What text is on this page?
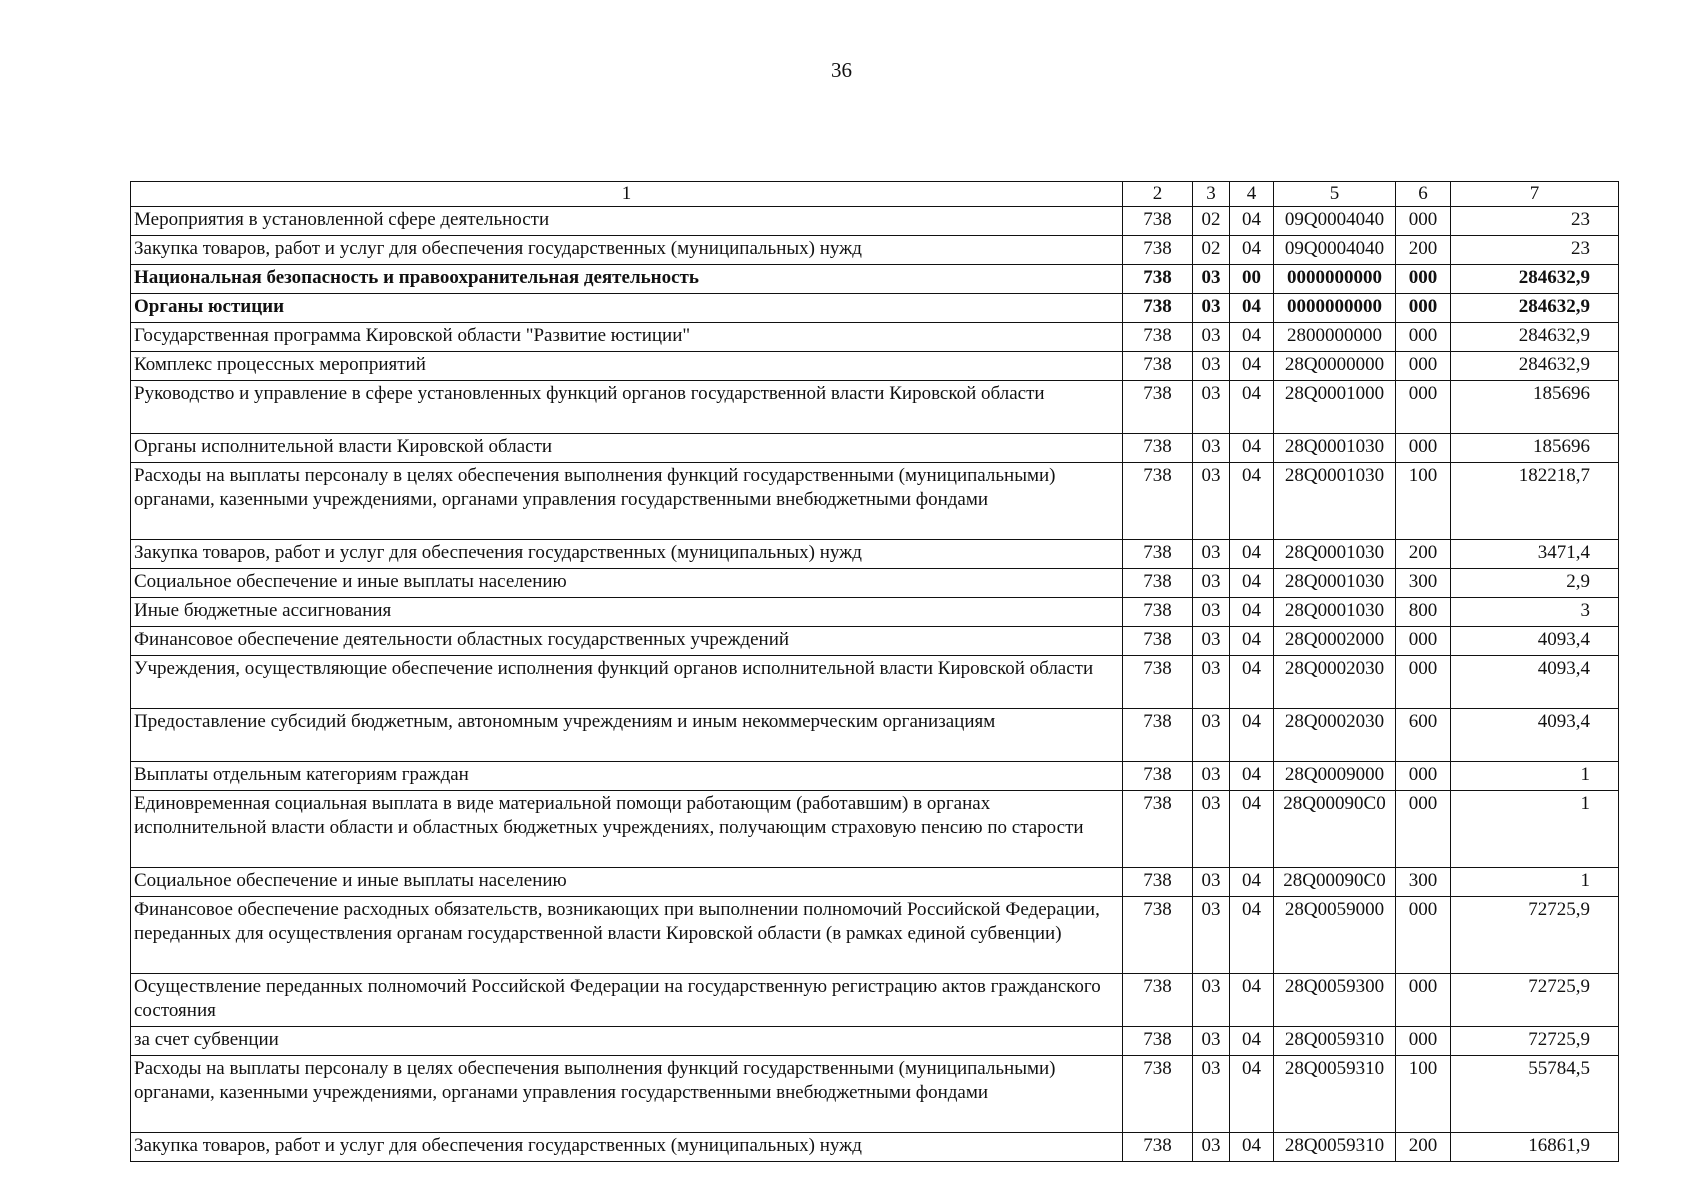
36
1	2	3	4	5	6	7
Мероприятия в установленной сфере деятельности	738	02	04	09Q0004040	000	23
Закупка товаров, работ и услуг для обеспечения государственных (муниципальных) нужд	738	02	04	09Q0004040	200	23
Национальная безопасность и правоохранительная деятельность	738	03	00	0000000000	000	284632,9
Органы юстиции	738	03	04	0000000000	000	284632,9
Государственная программа Кировской области "Развитие юстиции"	738	03	04	2800000000	000	284632,9
Комплекс процессных мероприятий	738	03	04	28Q0000000	000	284632,9
Руководство и управление в сфере установленных функций органов государственной власти Кировской области	738	03	04	28Q0001000	000	185696
Органы исполнительной власти Кировской области	738	03	04	28Q0001030	000	185696
Расходы на выплаты персоналу в целях обеспечения выполнения функций государственными (муниципальными) органами, казенными учреждениями, органами управления государственными внебюджетными фондами	738	03	04	28Q0001030	100	182218,7
Закупка товаров, работ и услуг для обеспечения государственных (муниципальных) нужд	738	03	04	28Q0001030	200	3471,4
Социальное обеспечение и иные выплаты населению	738	03	04	28Q0001030	300	2,9
Иные бюджетные ассигнования	738	03	04	28Q0001030	800	3
Финансовое обеспечение деятельности областных государственных учреждений	738	03	04	28Q0002000	000	4093,4
Учреждения, осуществляющие обеспечение исполнения функций органов исполнительной власти Кировской области	738	03	04	28Q0002030	000	4093,4
Предоставление субсидий бюджетным, автономным учреждениям и иным некоммерческим организациям	738	03	04	28Q0002030	600	4093,4
Выплаты отдельным категориям граждан	738	03	04	28Q0009000	000	1
Единовременная социальная выплата в виде материальной помощи работающим (работавшим) в органах исполнительной власти области и областных бюджетных учреждениях, получающим страховую пенсию по старости	738	03	04	28Q00090C0	000	1
Социальное обеспечение и иные выплаты населению	738	03	04	28Q00090C0	300	1
Финансовое обеспечение расходных обязательств, возникающих при выполнении полномочий Российской Федерации, переданных для осуществления органам государственной власти Кировской области (в рамках единой субвенции)	738	03	04	28Q0059000	000	72725,9
Осуществление переданных полномочий Российской Федерации на государственную регистрацию актов гражданского состояния	738	03	04	28Q0059300	000	72725,9
за счет субвенции	738	03	04	28Q0059310	000	72725,9
Расходы на выплаты персоналу в целях обеспечения выполнения функций государственными (муниципальными) органами, казенными учреждениями, органами управления государственными внебюджетными фондами	738	03	04	28Q0059310	100	55784,5
Закупка товаров, работ и услуг для обеспечения государственных (муниципальных) нужд	738	03	04	28Q0059310	200	16861,9
